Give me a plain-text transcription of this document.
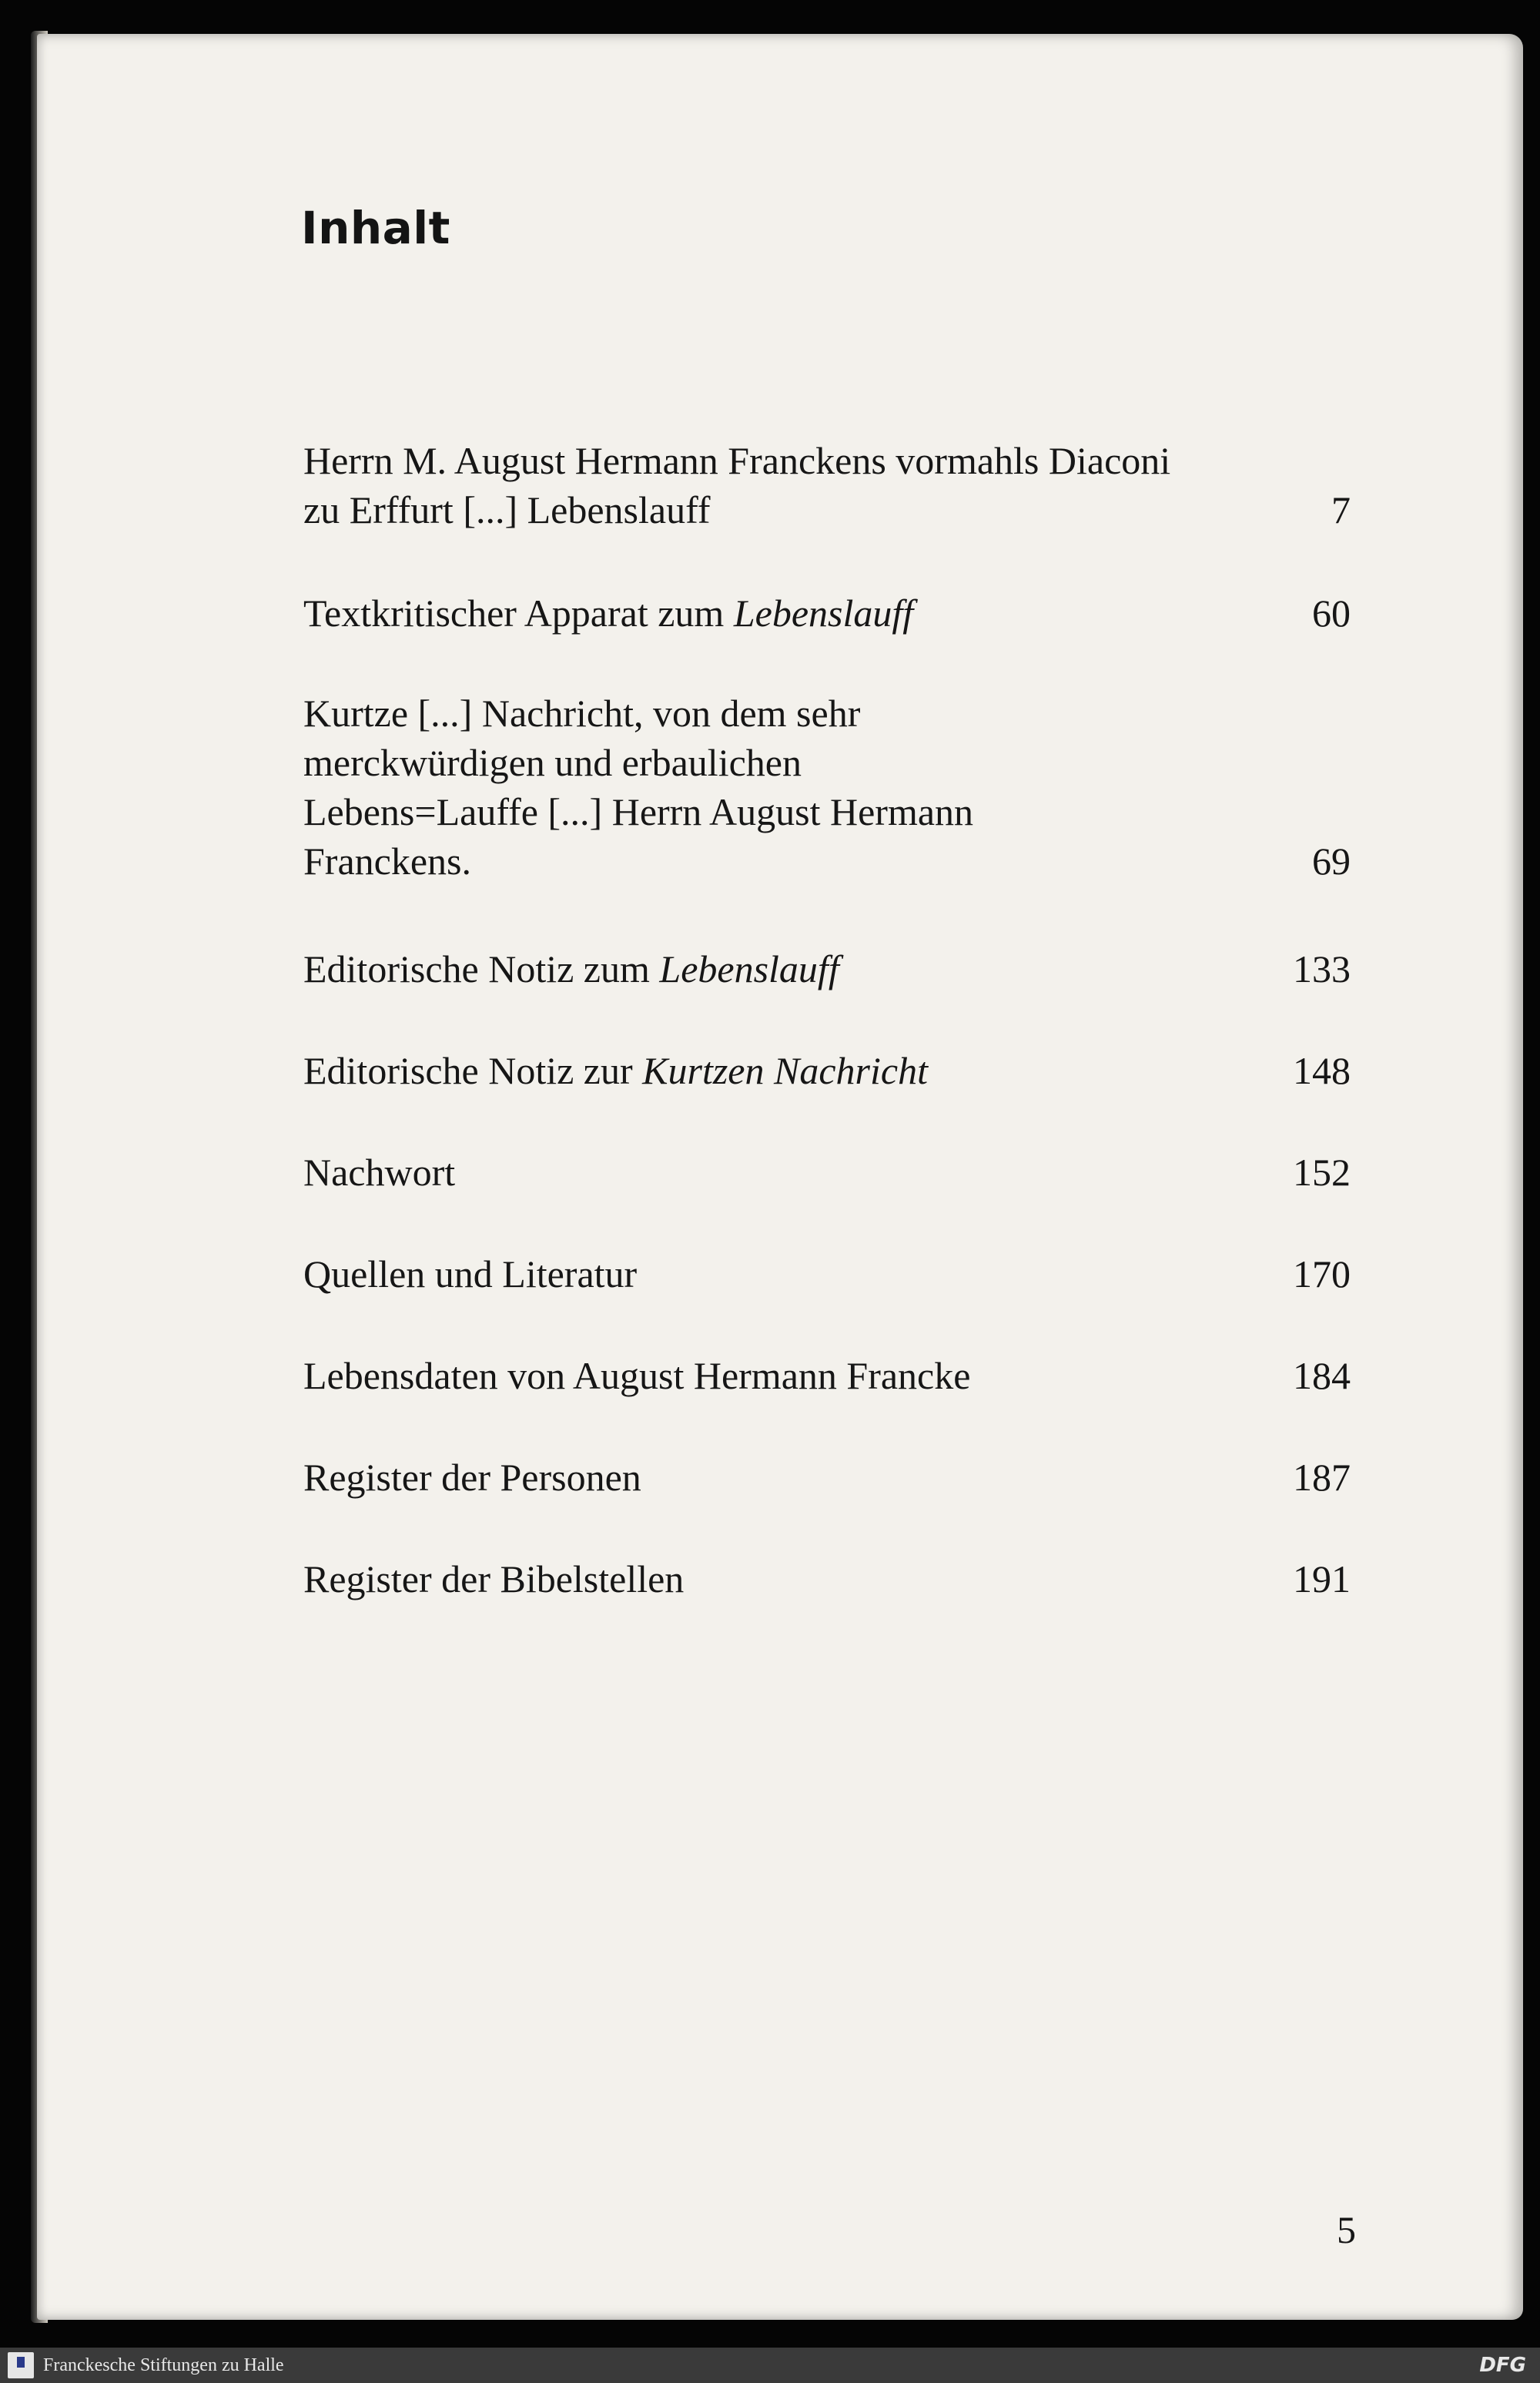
Inhalt
Herrn M. August Hermann Franckens vormahls Diaconi zu Erffurt [...] Lebenslauff	7
Textkritischer Apparat zum Lebenslauff	60
Kurtze [...] Nachricht, von dem sehr merckwürdigen und erbaulichen Lebens=Lauffe [...] Herrn August Hermann Franckens.	69
Editorische Notiz zum Lebenslauff	133
Editorische Notiz zur Kurtzen Nachricht	148
Nachwort	152
Quellen und Literatur	170
Lebensdaten von August Hermann Francke	184
Register der Personen	187
Register der Bibelstellen	191
5
Franckesche Stiftungen zu Halle	DFG
